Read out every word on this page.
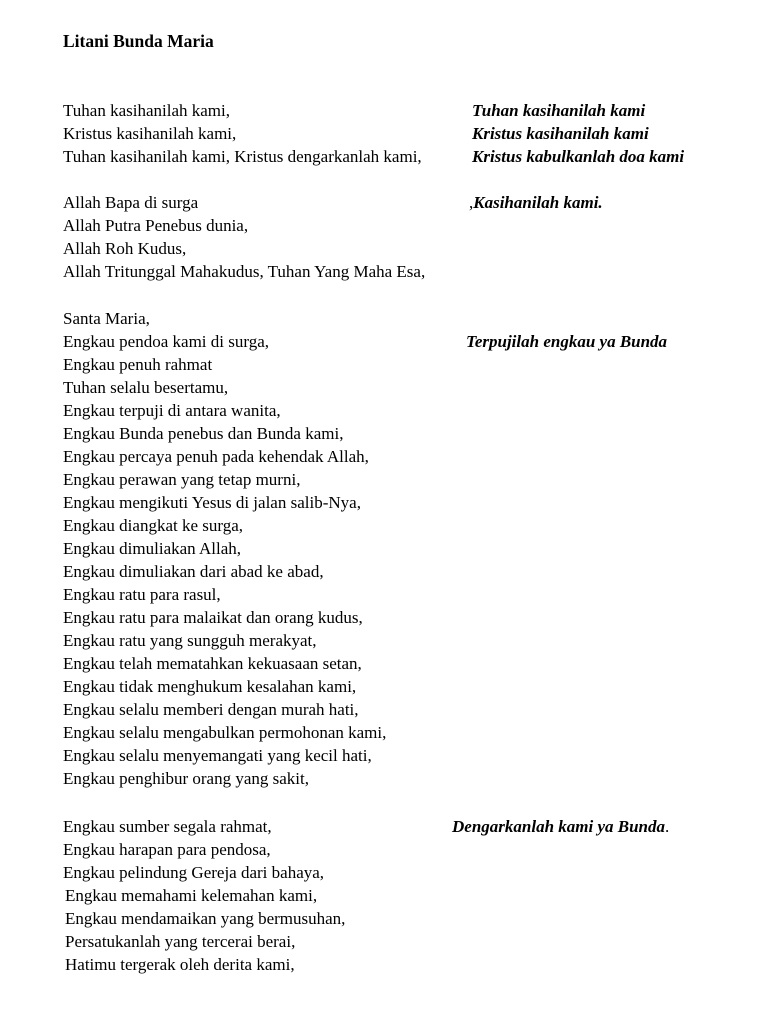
Litani Bunda Maria
Tuhan kasihanilah kami,
Kristus kasihanilah kami,
Tuhan kasihanilah kami, Kristus dengarkanlah kami,
Tuhan kasihanilah kami
Kristus kasihanilah kami
Kristus kabulkanlah doa kami
Allah Bapa di surga
Allah Putra Penebus dunia,
Allah Roh Kudus,
Allah Tritunggal Mahakudus, Tuhan Yang Maha Esa,
,Kasihanilah kami.
Santa Maria,
Engkau pendoa kami di surga,
Engkau penuh rahmat
Tuhan selalu besertamu,
Engkau terpuji di antara wanita,
Engkau Bunda penebus dan Bunda kami,
Engkau percaya penuh pada kehendak Allah,
Engkau perawan yang tetap murni,
Engkau mengikuti Yesus di jalan salib-Nya,
Engkau diangkat ke surga,
Engkau dimuliakan Allah,
Engkau dimuliakan dari abad ke abad,
Engkau ratu para rasul,
Engkau ratu para malaikat dan orang kudus,
Engkau ratu yang sungguh merakyat,
Engkau telah mematahkan kekuasaan setan,
Engkau tidak menghukum kesalahan kami,
Engkau selalu memberi dengan murah hati,
Engkau selalu mengabulkan permohonan kami,
Engkau selalu menyemangati yang kecil hati,
Engkau penghibur orang yang sakit,
Terpujilah engkau ya Bunda
Engkau sumber segala rahmat,
Engkau harapan para pendosa,
Engkau pelindung Gereja dari bahaya,
Engkau memahami kelemahan kami,
Engkau mendamaikan yang bermusuhan,
Persatukanlah yang tercerai berai,
Hatimu tergerak oleh derita kami,
Dengarkanlah kami ya Bunda.
